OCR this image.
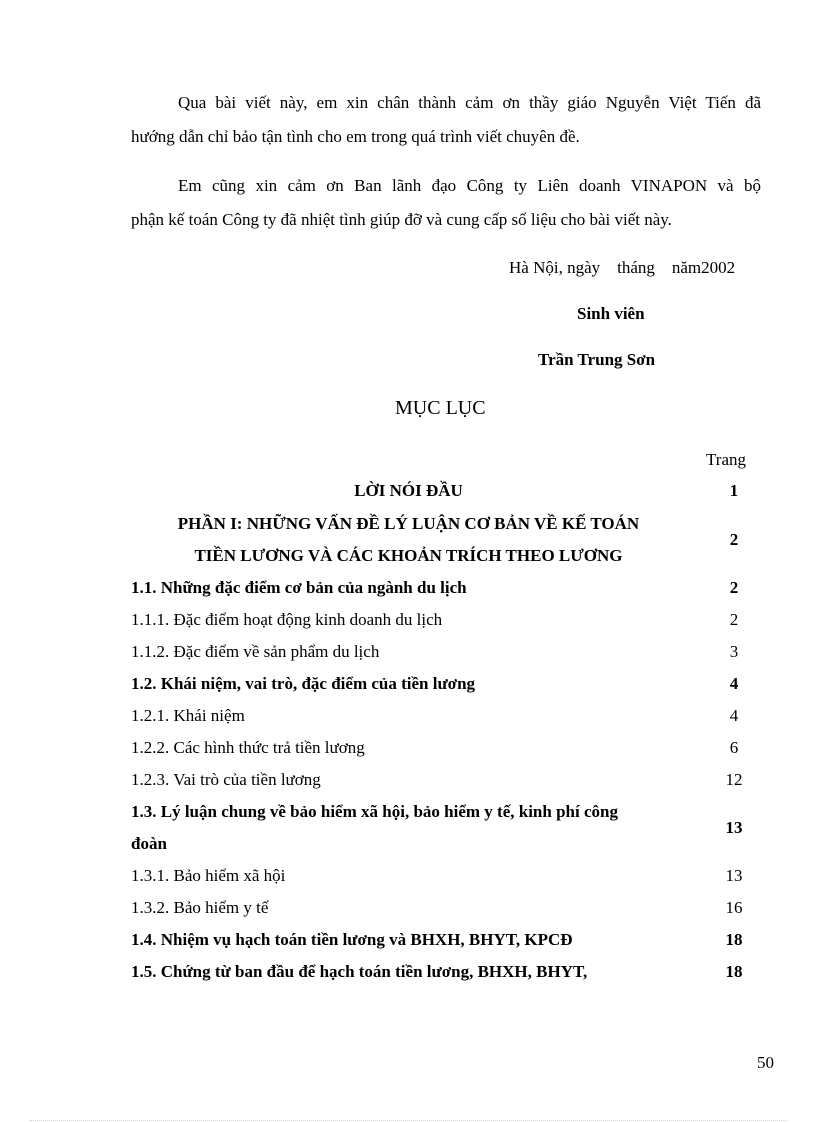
Qua bài viết này, em xin chân thành cảm ơn thầy giáo Nguyễn Việt Tiến đã
hướng dẫn chỉ bảo tận tình cho em trong quá trình viết chuyên đề.
Em cũng xin cảm ơn Ban lãnh đạo Công ty Liên doanh VINAPON và bộ
phận kế toán Công ty đã nhiệt tình giúp đỡ và cung cấp số liệu cho bài viết này.
Hà Nội, ngày    tháng    năm2002
Sinh viên
Trần Trung Sơn
MỤC LỤC
Trang
LỜI NÓI ĐẦU	1
PHẦN I: NHỮNG VẤN ĐỀ LÝ LUẬN CƠ BẢN VỀ KẾ TOÁN
TIỀN LƯƠNG VÀ CÁC KHOẢN TRÍCH THEO LƯƠNG
2
1.1. Những đặc điểm cơ bản của ngành du lịch	2
1.1.1. Đặc điểm hoạt động kinh doanh du lịch	2
1.1.2. Đặc điểm về sản phẩm du lịch	3
1.2. Khái niệm, vai trò, đặc điểm của tiền lương	4
1.2.1. Khái niệm	4
1.2.2. Các hình thức trả tiền lương	6
1.2.3. Vai trò của tiền lương	12
1.3. Lý luận chung về bảo hiểm xã hội, bảo hiểm y tế, kinh phí công
đoàn
13
1.3.1. Bảo hiểm xã hội	13
1.3.2. Bảo hiểm y tế	16
1.4. Nhiệm vụ hạch toán tiền lương và BHXH, BHYT, KPCĐ	18
1.5. Chứng từ ban đầu để hạch toán tiền lương, BHXH, BHYT,	18
50
